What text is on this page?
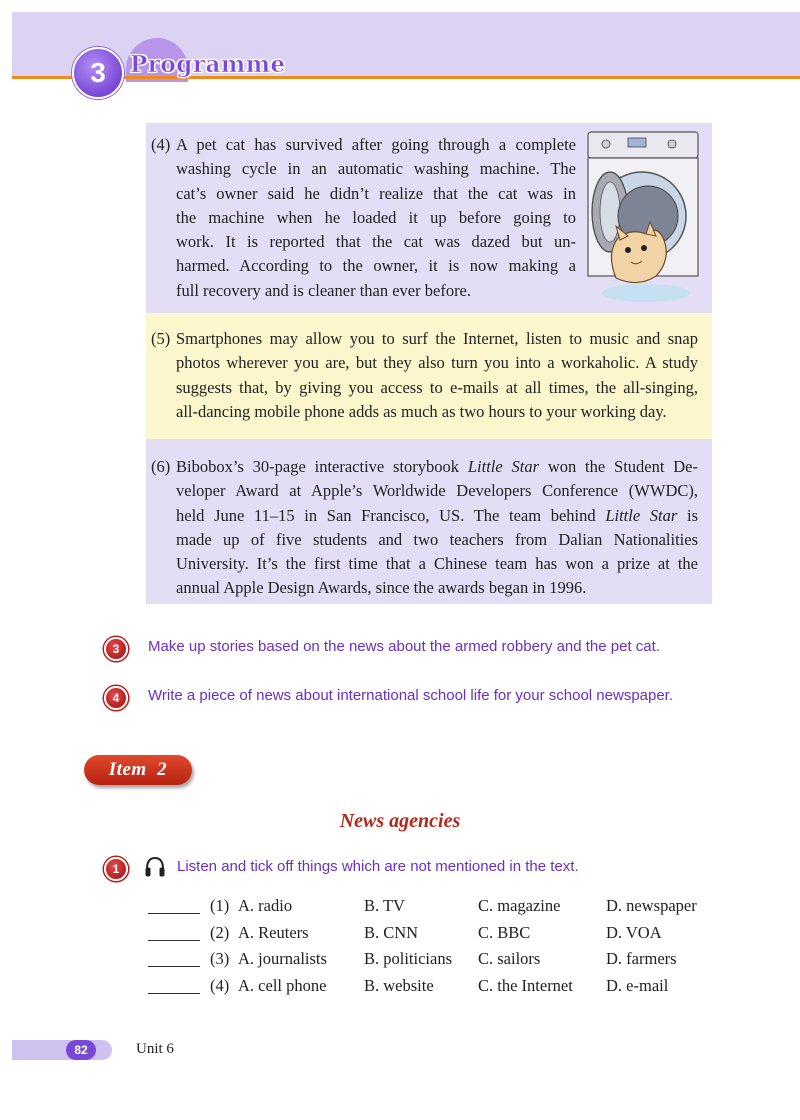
3 Programme
(4) A pet cat has survived after going through a complete
washing cycle in an automatic washing machine. The
cat’s owner said he didn’t realize that the cat was in
the machine when he loaded it up before going to
work. It is reported that the cat was dazed but un-
harmed. According to the owner, it is now making a
full recovery and is cleaner than ever before.
(5) Smartphones may allow you to surf the Internet, listen to music and snap
photos wherever you are, but they also turn you into a workaholic. A study
suggests that, by giving you access to e-mails at all times, the all-singing,
all-dancing mobile phone adds as much as two hours to your working day.
(6) Bibobox’s 30-page interactive storybook Little Star won the Student De-
veloper Award at Apple’s Worldwide Developers Conference (WWDC),
held June 11–15 in San Francisco, US. The team behind Little Star is
made up of five students and two teachers from Dalian Nationalities
University. It’s the first time that a Chinese team has won a prize at the
annual Apple Design Awards, since the awards began in 1996.
3	Make up stories based on the news about the armed robbery and the pet cat.
4	Write a piece of news about international school life for your school newspaper.
Item  2
News agencies
1	Listen and tick off things which are not mentioned in the text.
(1) A. radio	B. TV	C. magazine	D. newspaper
(2) A. Reuters	B. CNN	C. BBC	D. VOA
(3) A. journalists B. politicians C. sailors	D. farmers
(4) A. cell phone B. website	C. the Internet D. e-mail
82	Unit 6
